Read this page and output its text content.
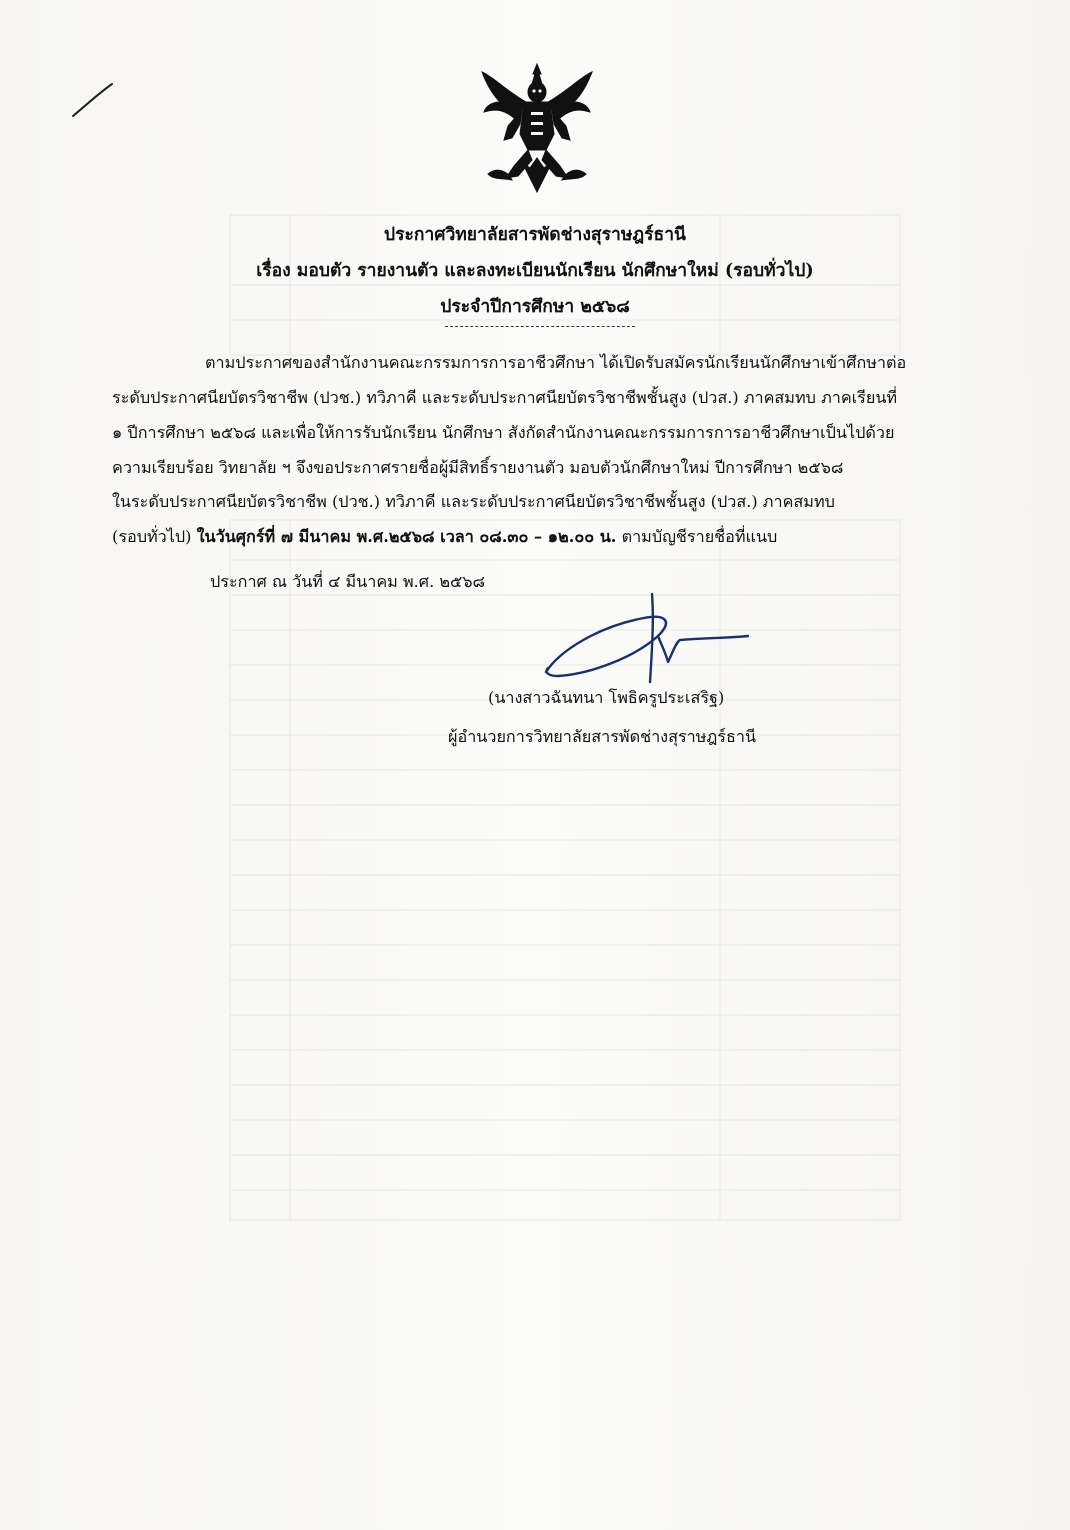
ประกาศวิทยาลัยสารพัดช่างสุราษฎร์ธานี
เรื่อง มอบตัว รายงานตัว และลงทะเบียนนักเรียน นักศึกษาใหม่ (รอบทั่วไป)
ประจำปีการศึกษา ๒๕๖๘
ตามประกาศของสำนักงานคณะกรรมการการอาชีวศึกษา ได้เปิดรับสมัครนักเรียนนักศึกษาเข้าศึกษาต่อ
ระดับประกาศนียบัตรวิชาชีพ (ปวช.) ทวิภาคี และระดับประกาศนียบัตรวิชาชีพชั้นสูง (ปวส.) ภาคสมทบ ภาคเรียนที่
๑ ปีการศึกษา ๒๕๖๘ และเพื่อให้การรับนักเรียน นักศึกษา สังกัดสำนักงานคณะกรรมการการอาชีวศึกษาเป็นไปด้วย
ความเรียบร้อย วิทยาลัย ฯ จึงขอประกาศรายชื่อผู้มีสิทธิ์รายงานตัว มอบตัวนักศึกษาใหม่ ปีการศึกษา ๒๕๖๘
ในระดับประกาศนียบัตรวิชาชีพ (ปวช.) ทวิภาคี และระดับประกาศนียบัตรวิชาชีพชั้นสูง (ปวส.) ภาคสมทบ
(รอบทั่วไป) ในวันศุกร์ที่ ๗ มีนาคม พ.ศ.๒๕๖๘ เวลา ๐๘.๓๐ – ๑๒.๐๐ น. ตามบัญชีรายชื่อที่แนบ
ประกาศ ณ วันที่ ๔ มีนาคม พ.ศ. ๒๕๖๘
(นางสาวฉันทนา โพธิครูประเสริฐ)
ผู้อำนวยการวิทยาลัยสารพัดช่างสุราษฎร์ธานี
